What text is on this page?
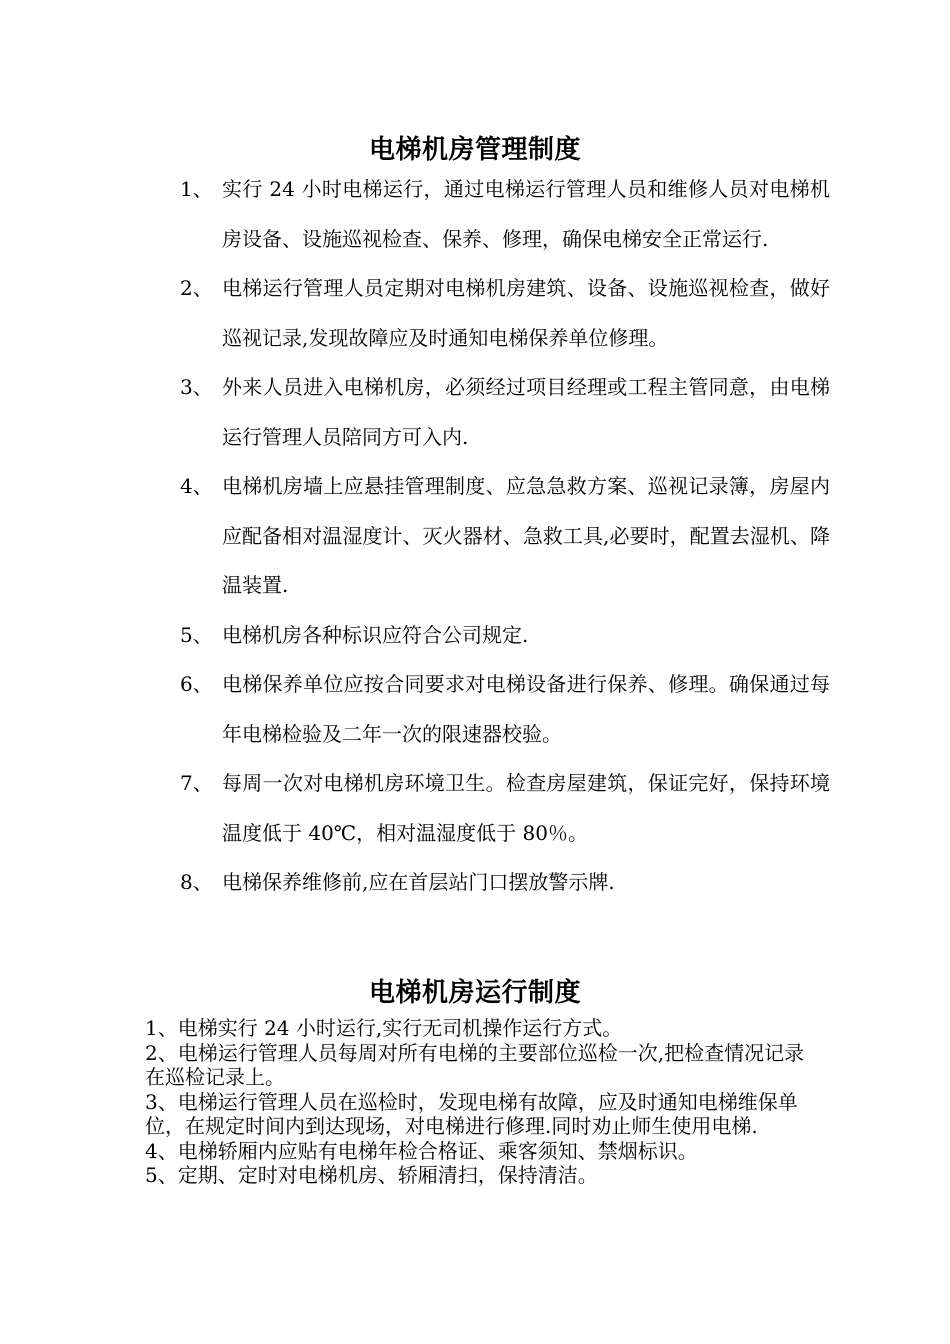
电梯机房管理制度
1、 实行 24 小时电梯运行，通过电梯运行管理人员和维修人员对电梯机房设备、设施巡视检查、保养、修理，确保电梯安全正常运行.
2、 电梯运行管理人员定期对电梯机房建筑、设备、设施巡视检查，做好巡视记录,发现故障应及时通知电梯保养单位修理。
3、 外来人员进入电梯机房，必须经过项目经理或工程主管同意，由电梯运行管理人员陪同方可入内.
4、 电梯机房墙上应悬挂管理制度、应急急救方案、巡视记录簿，房屋内应配备相对温湿度计、灭火器材、急救工具,必要时，配置去湿机、降温装置.
5、 电梯机房各种标识应符合公司规定.
6、 电梯保养单位应按合同要求对电梯设备进行保养、修理。确保通过每年电梯检验及二年一次的限速器校验。
7、 每周一次对电梯机房环境卫生。检查房屋建筑，保证完好，保持环境温度低于 40℃，相对温湿度低于 80％。
8、 电梯保养维修前,应在首层站门口摆放警示牌.
电梯机房运行制度
1、电梯实行 24 小时运行,实行无司机操作运行方式。
2、电梯运行管理人员每周对所有电梯的主要部位巡检一次,把检查情况记录在巡检记录上。
3、电梯运行管理人员在巡检时，发现电梯有故障，应及时通知电梯维保单位，在规定时间内到达现场，对电梯进行修理.同时劝止师生使用电梯.
4、电梯轿厢内应贴有电梯年检合格证、乘客须知、禁烟标识。
5、定期、定时对电梯机房、轿厢清扫，保持清洁。
